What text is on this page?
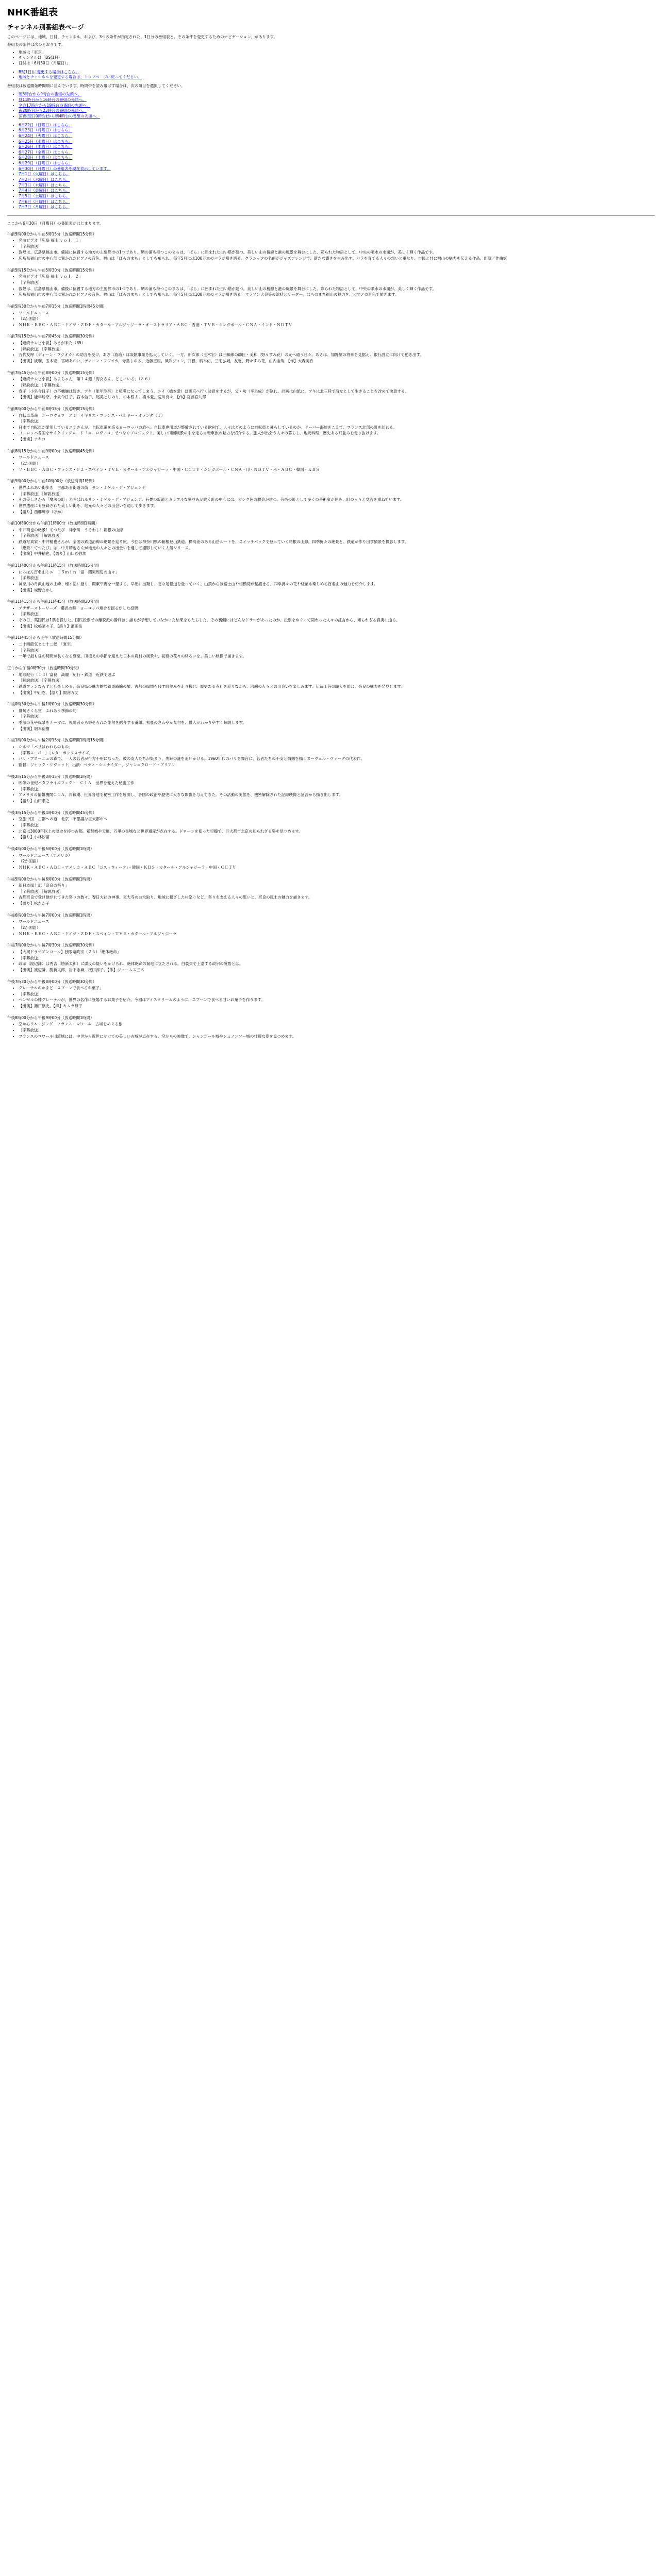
NHK番組表
チャンネル別番組表ページ

このページには、地域、日付、チャンネル、および、3つの条件が指定された、1日分の番組表と、その条件を変更するためのナビゲーション、があります。

番組表の条件は次のとおりです。

• 地域は「東京」
• チャンネルは「BS(1日)」
• 日付は「6月30日（月曜日）」
• BS(1日)に変更する場合はこちら。
• 地域とチャンネルを変更する場合は、トップページに戻ってください。

番組表は放送開始時間順に並んでいます。時間帯を読み飛ばす場合は、次の項目を選択してください。

• 朝5時台から9時台の番組の先頭へ。
• 昼11時台から16時台の番組の先頭へ。
• 夕方17時台から19時台の番組の先頭へ。
• 夜20時台から23時台の番組の先頭へ。
• 深夜(翌日0時台)から朝4時台の番組の先頭へ。
• 6月22日（日曜日）はこちら。
• 6月23日（月曜日）はこちら。
• 6月24日（火曜日）はこちら。
• 6月25日（水曜日）はこちら。
• 6月26日（木曜日）はこちら。
• 6月27日（金曜日）はこちら。
• 6月28日（土曜日）はこちら。
• 6月29日（日曜日）はこちら。
• 6月30日（月曜日）の番組表を現在表示しています。
• 7月1日（火曜日）はこちら。
• 7月2日（水曜日）はこちら。
• 7月3日（木曜日）はこちら。
• 7月4日（金曜日）はこちら。
• 7月5日（土曜日）はこちら。
• 7月6日（日曜日）はこちら。
• 7月7日（月曜日）はこちら。

ここから6月30日（月曜日）の番組表がはじまります。

午前5時00分から午前5時15分（放送時間15分間）

• 名曲ビデオ「広島 福山 ｖｏｌ．１」
• ［字幕放送］
• 敦煌は、広島県福山市。備後に位置する地方の主要都市の1つであり、鞆の浦も持つこのまちは、「ばら」に囲まれた白い塔が建つ。美しい山の稜線と港の風景を舞台にした、彩られた物語として、中央の噴水の水面が、美しく輝く作品です。
• 広島県福山市の中心部に置かれたピアノの音色。福山は「ばらのまち」としても知られ、毎年5月には100万本のバラが咲き誇る。クラシックの名曲がジャズアレンジで、新たな響きを生み出す。バラを育てる人々の想いと重なり、市民と共に福山の魅力を伝える作品。出演／作曲家

午前5時15分から午前5時30分（放送時間15分間）

• 名曲ビデオ「広島 福山 ｖｏｌ．２」
• ［字幕放送］
• 敦煌は、広島県福山市。備後に位置する地方の主要都市の1つであり、鞆の浦も持つこのまちは、「ばら」に囲まれた白い塔が建つ。美しい山の稜線と港の風景を舞台にした、彩られた物語として、中央の噴水の水面が、美しく輝く作品です。
• 広島県福山市の中心部に置かれたピアノの音色。福山は「ばらのまち」としても知られ、毎年5月には100万本のバラが咲き誇る。マラソン大会等の総括とリーダー。ばらのまち福山の魅力を、ピアノの音色で紡ぎます。

午前5時30分から午前7時15分（放送時間1時間45分間）

• ワールドニュース
• （2か国語）
• ＮＨＫ・ＢＢＣ・ＡＢＣ・ドイツ・ＺＤＦ・カタール・アルジャジーラ・オーストラリア・ＡＢＣ・香港・ＴＶＢ・シンガポール・ＣＮＡ・インド・ＮＤＴＶ

午前7時15分から午前7時45分（放送時間30分間）

• 【連続テレビ小説】あさが来た（85）
• ［解説放送］［字幕放送］
• 五代友厚（ディーン・フジオカ）の助言を受け、あさ（波瑠）は炭鉱事業を拡大していく。一方、新次郎（玉木宏）は三味線の師匠・美和（野々すみ花）の元へ通う日々。あさは、加野屋の将来を見据え、銀行設立に向けて動き出す。
• 【出演】波瑠，玉木宏，宮﨑あおい，ディーン・フジオカ，寺島しのぶ，近藤正臣，風吹ジュン，升毅，柄本佑，三宅弘城，友近，野々すみ花，山内圭哉，【作】大森美香

午前7時45分から午前8時00分（放送時間15分間）

• 【連続テレビ小説】あまちゃん　第１４週「海女さん、どこにいる」（８６）
• ［解説放送］［字幕放送］
• 春子（小泉今日子）の不機嫌は続き、アキ（能年玲奈）と喧嘩になってしまう。ユイ（橋本愛）は東京へ行く決意をするが、父・功（平泉成）が倒れ、計画は白紙に。アキは北三陸で海女として生きることを改めて決意する。
• 【出演】能年玲奈，小泉今日子，宮本信子，尾美としのり，杉本哲太，橋本愛，荒川良々，【作】宮藤官九郎

午前8時00分から午前8時15分（放送時間15分間）

• 自転車革命　ユーロヴェロ　エミ　イギリス・フランス・ベルギー・オランダ（１）
• ［字幕放送］
• 日本で自転車が愛用しているエミさんが、自転車道を巡るヨーロッパの旅へ。自転車専用道が整備されている欧州で、人々はどのように自転車と暮らしているのか。ドーバー海峡をこえて、フランス北部の町を訪れる。
• ヨーロッパ各国をサイクリングロード「ユーロヴェロ」でつなぐプロジェクト。美しい田園風景の中を走る自転車旅の魅力を紹介する。旅人が出会う人々の暮らし、地元料理、歴史ある町並みを走り抜けます。
• 【出演】アキコ

午前8時15分から午前9時00分（放送時間45分間）

• ワールドニュース
• （2か国語）
• ソ・ＢＢＣ・ＡＢＣ・フランス・Ｆ２・スペイン・ＴＶＥ・カタール・アルジャジーラ・中国・ＣＣＴＶ・シンガポール・ＣＮＡ・印・ＮＤＴＶ・米・ＡＢＣ・韓国・ＫＢＳ

午前9時00分から午前10時00分（放送時間1時間）

• 世界ふれあい街歩き　古都ある街道の街　サン・ミゲル・デ・アジェンデ
• ［字幕放送］［解説放送］
• その美しさから「魔法の町」と呼ばれるサン・ミゲル・デ・アジェンデ。石畳の坂道とカラフルな家並みが続く町の中心には、ピンク色の教会が建つ。芸術の町として多くの芸術家が住み、町の人々と交流を重ねています。
• 世界遺産にも登録された美しい街を、地元の人々との出会いを通して歩きます。
• 【語り】西郷輝彦（ほか）

午前10時00分から午前11時00分（放送時間1時間）

• 中井精也の絶景！てつたび　神奈川　うるわし！箱根の山線
• ［字幕放送］［解説放送］
• 鉄道写真家・中井精也さんが、全国の鉄道沿線の絶景を巡る旅。今回は神奈川県の箱根登山鉄道。標高差のある山岳ルートを、スイッチバックで登っていく箱根の山線。四季折々の絶景と、鉄道が作り出す情景を撮影します。
• 「絶景！てつたび」は、中井精也さんが地元の人々との出会いを通して撮影していく人気シリーズ。
• 【出演】中井精也，【語り】山口紗弥加

午前11時00分から午前11時15分（放送時間15分間）

• にっぽん百名山ミニ　１５ｍｉｎ「富　関東周辺の山々」
• ［字幕放送］
• 神奈川の丹沢山地の主峰、蛭ヶ岳に登り、関東平野を一望する。早朝に出発し、急な尾根道を登っていく。山頂からは富士山や相模湾が見渡せる。四季折々の花や紅葉も楽しめる百名山の魅力を紹介します。
• 【出演】城野たかし

午前11時15分から午前11時45分（放送時間30分間）

• アナザーストーリーズ　選択の時　ヨーロッパ連合を揺るがした投票
• ［字幕放送］
• その日、英国民は1票を投じた。国民投票での離脱派の勝利は、誰もが予想していなかった結果をもたらした。その裏側にはどんなドラマがあったのか。投票をめぐって関わった人々の証言から、知られざる真実に迫る。
• 【出演】松嶋菜々子，【語り】濱田岳

午前11時45分から正午（放送時間15分間）

• 二十四節気と七十二候　「夏至」
• ［字幕放送］
• 一年で最も昼の時間が長くなる夏至。田植えの季節を迎えた日本の農村の風景や、初夏の花々の移ろいを、美しい映像で描きます。

正午から午後0時30分（放送時間30分間）

• 地球紀行（１３）富良　高麗　紀行・鉄道　近鉄で遊ぶ
• ［解説放送］［字幕放送］
• 鉄道ファンならずとも楽しめる、奈良県の魅力的な鉄道路線の旅。古都の風情を残す町並みを走り抜け、歴史ある寺社を巡りながら、沿線の人々との出会いを楽しみます。伝統工芸の職人を訪ね、奈良の魅力を発見します。
• 【出演】中山忍，【語り】銀河万丈

午後0時30分から午後1時00分（放送時間30分間）

• 俳句さくら堂　ふれあう季節の句
• ［字幕放送］
• 季節の花や風景をテーマに、視聴者から寄せられた俳句を紹介する番組。初夏のさわやかな句を、俳人がわかりやすく解説します。
• 【出演】堀本裕樹

午後1時00分から午後2時15分（放送時間1時間15分間）

• シネマ「パリはわれらのもの」
• ［字幕スーパー］［レターボックスサイズ］
• パリ・ブローニュの森で、一人の若者が行方不明になった。彼の友人たちが集まり、失踪の謎を追いかける。1960年代のパリを舞台に、若者たちの不安と情熱を描くヌーヴェル・ヴァーグの代表作。
• 監督：ジャック・リヴェット，出演：ベティ・シュナイダー，ジャン＝クロード・ブリアリ

午後2時15分から午後3時15分（放送時間1時間）

• 映像の世紀バタフライエフェクト　ＣＩＡ　世界を変えた秘密工作
• ［字幕放送］
• アメリカの情報機関ＣＩＡ。冷戦期、世界各地で秘密工作を展開し、各国の政治や歴史に大きな影響を与えてきた。その活動の実態を、機密解除された記録映像と証言から描き出します。
• 【語り】山田孝之

午後3時15分から午後4時00分（放送時間45分間）

• 空旅中国　古都への道　北京　不思議な巨大都市へ
• ［字幕放送］
• 北京は3000年以上の歴史を持つ古都。紫禁城や天壇、万里の長城など世界遺産が点在する。ドローンを使った空撮で、巨大都市北京の知られざる姿を見つめます。
• 【語り】小林沙苗

午後4時00分から午後5時00分（放送時間1時間）

• ワールドニュース（アメリカ）
• （2か国語）
• ＮＨＫ・ＡＢＣ・ＡＢＣ・アメリカ・ＡＢＣ「ジス・ウィーク」・韓国・ＫＢＳ・カタール・アルジャジーラ・中国・ＣＣＴＶ

午後5時00分から午後6時00分（放送時間1時間）

• 新日本風土記「奈良の祭り」
• ［字幕放送］［解説放送］
• 古都奈良で受け継がれてきた祭りの数々。春日大社の神事、東大寺のお水取り、地域に根ざした村祭りなど、祭りを支える人々の思いと、奈良の風土の魅力を描きます。
• 【語り】松たか子

午後6時00分から午後7時00分（放送時間1時間）

• ワールドニュース
• （2か国語）
• ＮＨＫ・ＢＢＣ・ＡＢＣ・ドイツ・ＺＤＦ・スペイン・ＴＶＥ・カタール・アルジャジーラ

午後7時00分から午後7時30分（放送時間30分間）

• 【大河ドラマアンコール】独眼竜政宗（２６）「絶体絶命」
• ［字幕放送］
• 政宗（渡辺謙）は秀吉（勝新太郎）に謀反の疑いをかけられ、絶体絶命の窮地に立たされる。白装束で上洛する政宗の覚悟とは。
• 【出演】渡辺謙，勝新太郎，岩下志麻，桜田淳子，【作】ジェームス三木

午後7時30分から午後8時00分（放送時間30分間）

• グレーテルのかまど「スプーンで食べるお菓子」
• ［字幕放送］
• ヘンゼルの姉グレーテルが、世界の名作に登場するお菓子を紹介。今回はアイスクリームのように、スプーンで食べる甘いお菓子を作ります。
• 【出演】瀬戸康史，【声】キムラ緑子

午後8時00分から午後9時00分（放送時間1時間）

• 空からクルージング　フランス　ロワール　古城をめぐる旅
• ［字幕放送］
• フランスのロワール川流域には、中世から近世にかけての美しい古城が点在する。空からの映像で、シャンボール城やシュノンソー城の壮麗な姿を見つめます。
